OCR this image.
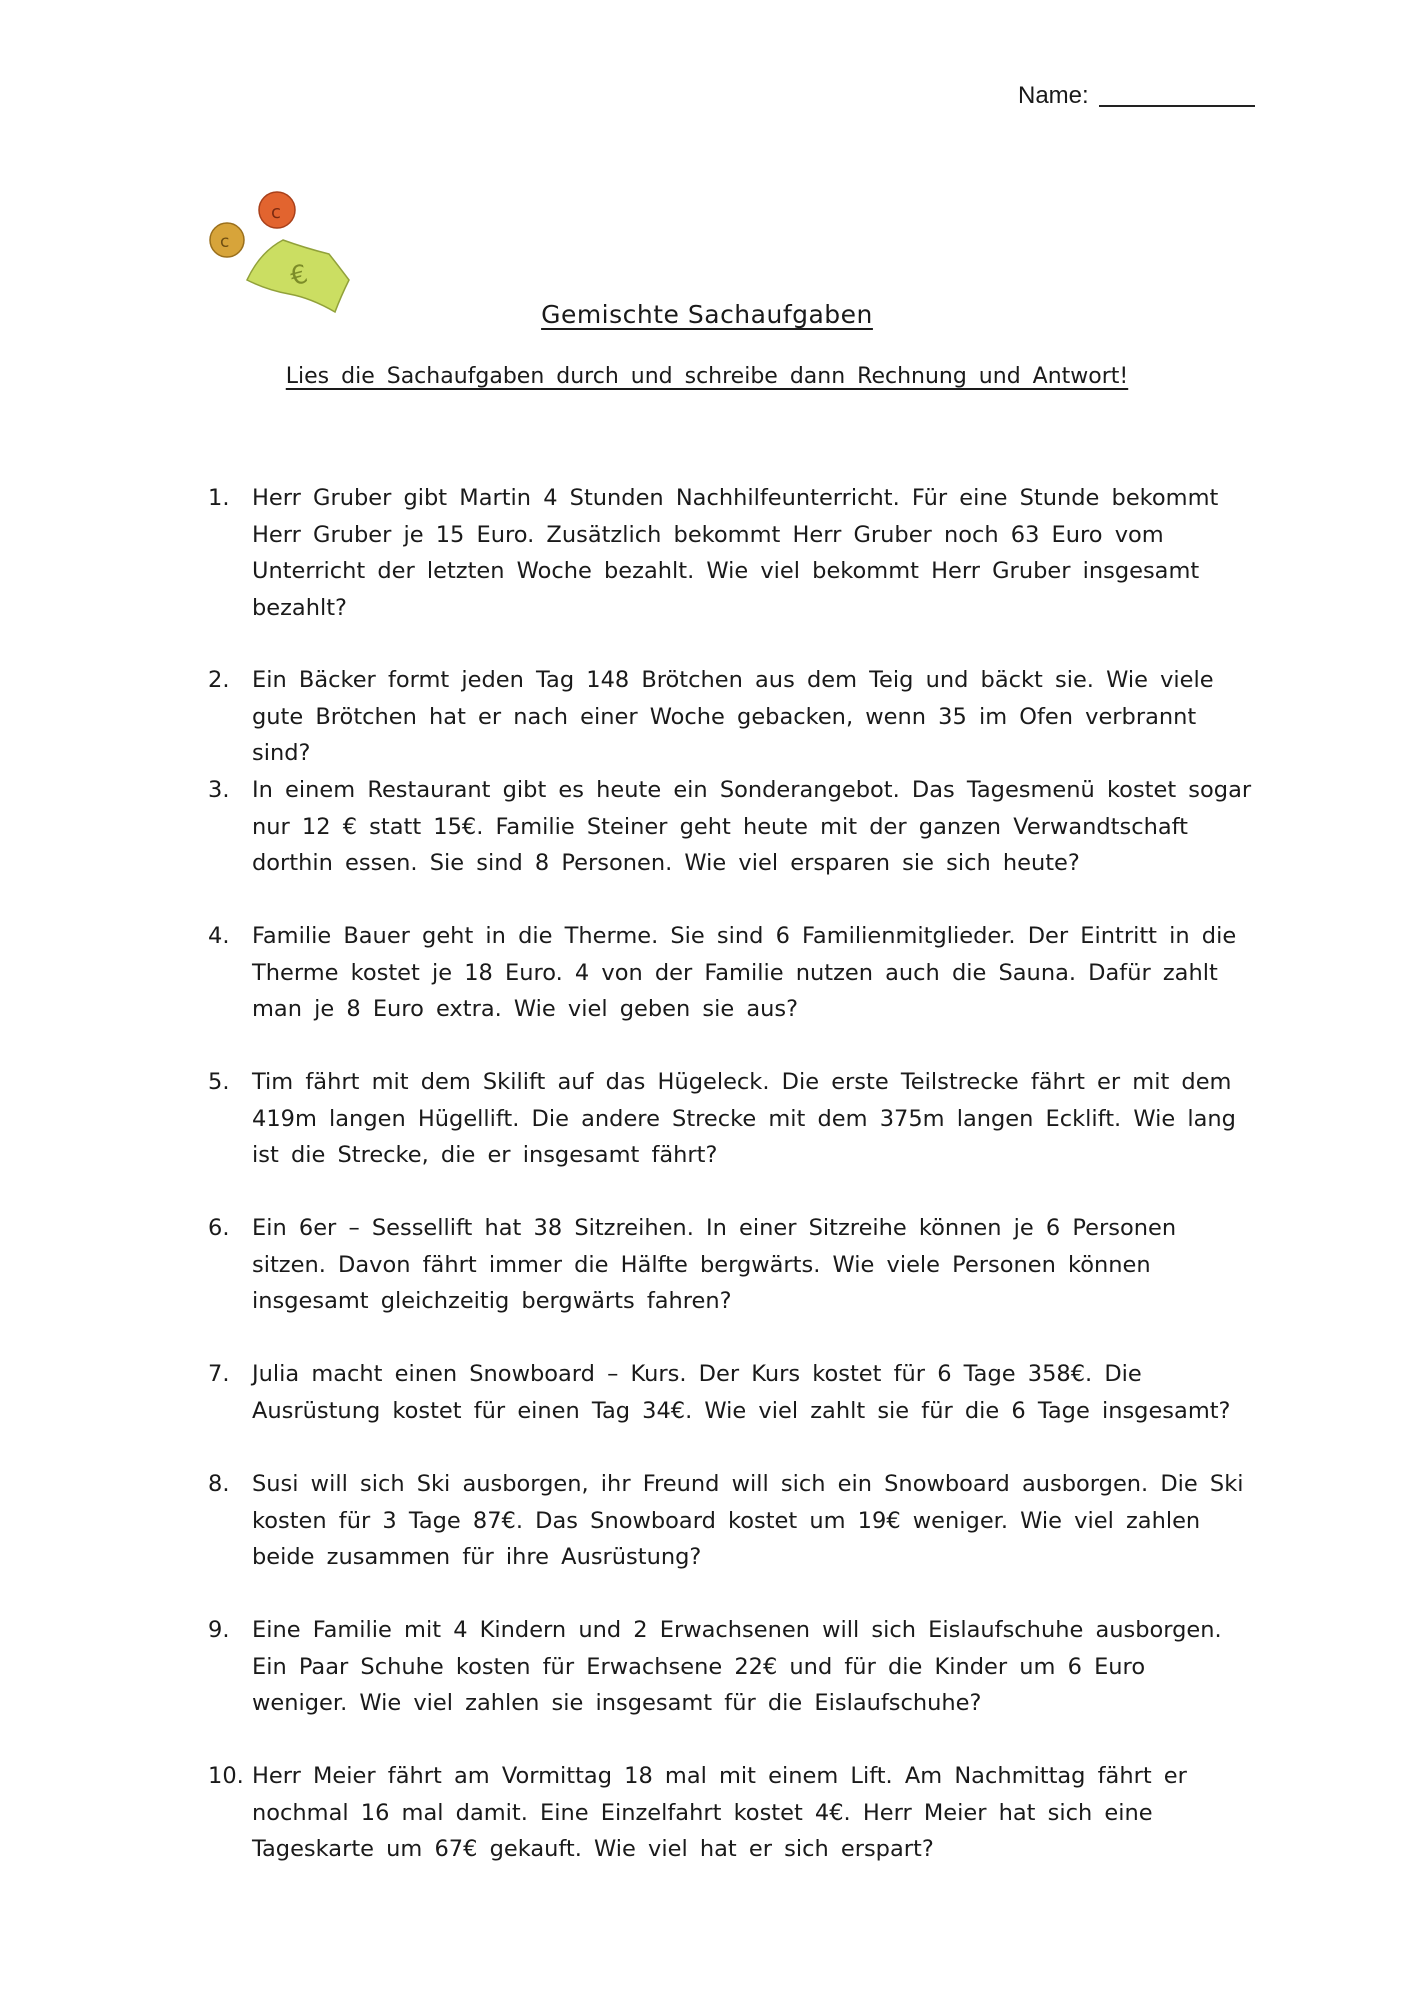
Name:
€
c
c
Gemischte Sachaufgaben
Lies die Sachaufgaben durch und schreibe dann Rechnung und Antwort!
1.	Herr Gruber gibt Martin 4 Stunden Nachhilfeunterricht. Für eine Stunde bekommt Herr Gruber je 15 Euro. Zusätzlich bekommt Herr Gruber noch 63 Euro vom Unterricht der letzten Woche bezahlt. Wie viel bekommt Herr Gruber insgesamt bezahlt?
2.	Ein Bäcker formt jeden Tag 148 Brötchen aus dem Teig und bäckt sie. Wie viele gute Brötchen hat er nach einer Woche gebacken, wenn 35 im Ofen verbrannt sind?
3.	In einem Restaurant gibt es heute ein Sonderangebot. Das Tagesmenü kostet sogar nur 12 € statt 15€. Familie Steiner geht heute mit der ganzen Verwandtschaft dorthin essen. Sie sind 8 Personen. Wie viel ersparen sie sich heute?
4.	Familie Bauer geht in die Therme. Sie sind 6 Familienmitglieder. Der Eintritt in die Therme kostet je 18 Euro. 4 von der Familie nutzen auch die Sauna. Dafür zahlt man je 8 Euro extra. Wie viel geben sie aus?
5.	Tim fährt mit dem Skilift auf das Hügeleck. Die erste Teilstrecke fährt er mit dem 419m langen Hügellift. Die andere Strecke mit dem 375m langen Ecklift. Wie lang ist die Strecke, die er insgesamt fährt?
6.	Ein 6er – Sessellift hat 38 Sitzreihen. In einer Sitzreihe können je 6 Personen sitzen. Davon fährt immer die Hälfte bergwärts. Wie viele Personen können insgesamt gleichzeitig bergwärts fahren?
7.	Julia macht einen Snowboard – Kurs. Der Kurs kostet für 6 Tage 358€. Die Ausrüstung kostet für einen Tag 34€. Wie viel zahlt sie für die 6 Tage insgesamt?
8.	Susi will sich Ski ausborgen, ihr Freund will sich ein Snowboard ausborgen. Die Ski kosten für 3 Tage 87€. Das Snowboard kostet um 19€ weniger. Wie viel zahlen beide zusammen für ihre Ausrüstung?
9.	Eine Familie mit 4 Kindern und 2 Erwachsenen will sich Eislaufschuhe ausborgen. Ein Paar Schuhe kosten für Erwachsene 22€ und für die Kinder um 6 Euro weniger. Wie viel zahlen sie insgesamt für die Eislaufschuhe?
10. Herr Meier fährt am Vormittag 18 mal mit einem Lift. Am Nachmittag fährt er nochmal 16 mal damit. Eine Einzelfahrt kostet 4€. Herr Meier hat sich eine Tageskarte um 67€ gekauft. Wie viel hat er sich erspart?
